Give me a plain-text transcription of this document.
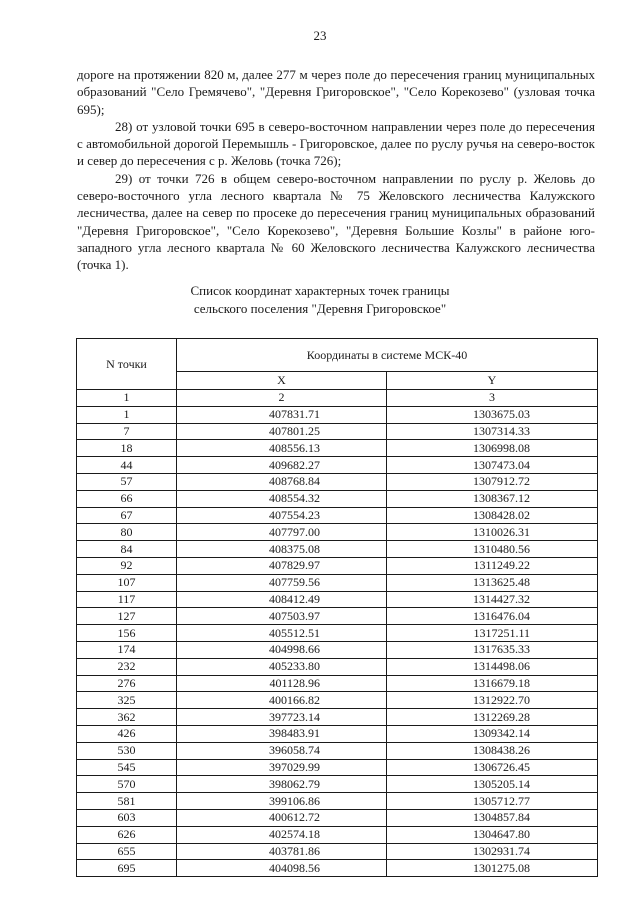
23

дороге на протяжении 820 м, далее 277 м через поле до пересечения границ муниципальных образований "Село Гремячево", "Деревня Григоровское", "Село Корекозево" (узловая точка 695);

28) от узловой точки 695 в северо-восточном направлении через поле до пересечения с автомобильной дорогой Перемышль - Григоровское, далее по руслу ручья на северо-восток и север до пересечения с р. Желовь (точка 726);

29) от точки 726 в общем северо-восточном направлении по руслу р. Желовь до северо-восточного угла лесного квартала № 75 Желовского лесничества Калужского лесничества, далее на север по просеке до пересечения границ муниципальных образований "Деревня Григоровское", "Село Корекозево", "Деревня Большие Козлы" в районе юго-западного угла лесного квартала № 60 Желовского лесничества Калужского лесничества (точка 1).

Список координат характерных точек границы
сельского поселения "Деревня Григоровское"
N точки	Координаты в системе МСК-40	
	X	Y
1	2	3
1	407831.71	1303675.03
7	407801.25	1307314.33
18	408556.13	1306998.08
44	409682.27	1307473.04
57	408768.84	1307912.72
66	408554.32	1308367.12
67	407554.23	1308428.02
80	407797.00	1310026.31
84	408375.08	1310480.56
92	407829.97	1311249.22
107	407759.56	1313625.48
117	408412.49	1314427.32
127	407503.97	1316476.04
156	405512.51	1317251.11
174	404998.66	1317635.33
232	405233.80	1314498.06
276	401128.96	1316679.18
325	400166.82	1312922.70
362	397723.14	1312269.28
426	398483.91	1309342.14
530	396058.74	1308438.26
545	397029.99	1306726.45
570	398062.79	1305205.14
581	399106.86	1305712.77
603	400612.72	1304857.84
626	402574.18	1304647.80
655	403781.86	1302931.74
695	404098.56	1301275.08
